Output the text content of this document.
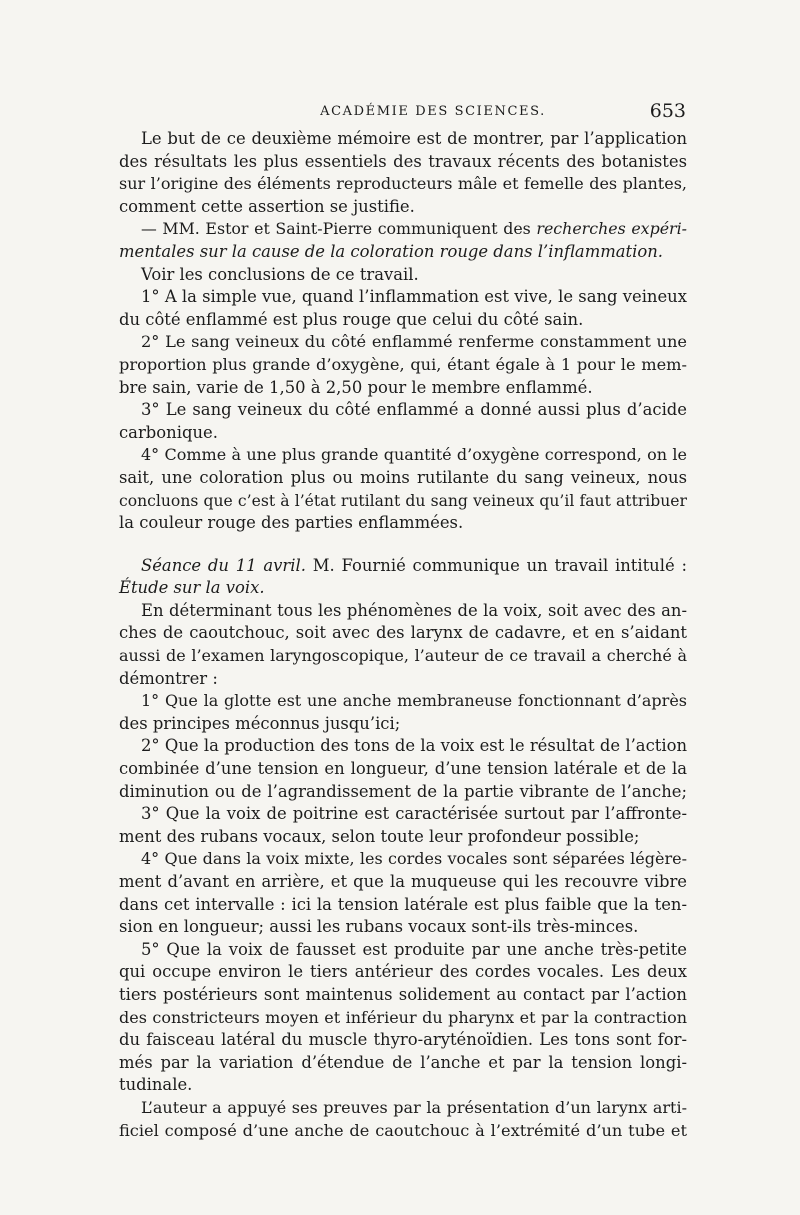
ACADÉMIE DES SCIENCES.	653
Le but de ce deuxième mémoire est de montrer, par l’application
des résultats les plus essentiels des travaux récents des botanistes
sur l’origine des éléments reproducteurs mâle et femelle des plantes,
comment cette assertion se justifie.
— MM. Estor et Saint-Pierre communiquent des recherches expéri-
mentales sur la cause de la coloration rouge dans l’inflammation.
Voir les conclusions de ce travail.
1° A la simple vue, quand l’inflammation est vive, le sang veineux
du côté enflammé est plus rouge que celui du côté sain.
2° Le sang veineux du côté enflammé renferme constamment une
proportion plus grande d’oxygène, qui, étant égale à 1 pour le mem-
bre sain, varie de 1,50 à 2,50 pour le membre enflammé.
3° Le sang veineux du côté enflammé a donné aussi plus d’acide
carbonique.
4° Comme à une plus grande quantité d’oxygène correspond, on le
sait, une coloration plus ou moins rutilante du sang veineux, nous
concluons que c’est à l’état rutilant du sang veineux qu’il faut attribuer
la couleur rouge des parties enflammées.
Séance du 11 avril. M. Fournié communique un travail intitulé :
Étude sur la voix.
En déterminant tous les phénomènes de la voix, soit avec des an-
ches de caoutchouc, soit avec des larynx de cadavre, et en s’aidant
aussi de l’examen laryngoscopique, l’auteur de ce travail a cherché à
démontrer :
1° Que la glotte est une anche membraneuse fonctionnant d’après
des principes méconnus jusqu’ici;
2° Que la production des tons de la voix est le résultat de l’action
combinée d’une tension en longueur, d’une tension latérale et de la
diminution ou de l’agrandissement de la partie vibrante de l’anche;
3° Que la voix de poitrine est caractérisée surtout par l’affronte-
ment des rubans vocaux, selon toute leur profondeur possible;
4° Que dans la voix mixte, les cordes vocales sont séparées légère-
ment d’avant en arrière, et que la muqueuse qui les recouvre vibre
dans cet intervalle : ici la tension latérale est plus faible que la ten-
sion en longueur; aussi les rubans vocaux sont-ils très-minces.
5° Que la voix de fausset est produite par une anche très-petite
qui occupe environ le tiers antérieur des cordes vocales. Les deux
tiers postérieurs sont maintenus solidement au contact par l’action
des constricteurs moyen et inférieur du pharynx et par la contraction
du faisceau latéral du muscle thyro-aryténoïdien. Les tons sont for-
més par la variation d’étendue de l’anche et par la tension longi-
tudinale.
L’auteur a appuyé ses preuves par la présentation d’un larynx arti-
ficiel composé d’une anche de caoutchouc à l’extrémité d’un tube et
